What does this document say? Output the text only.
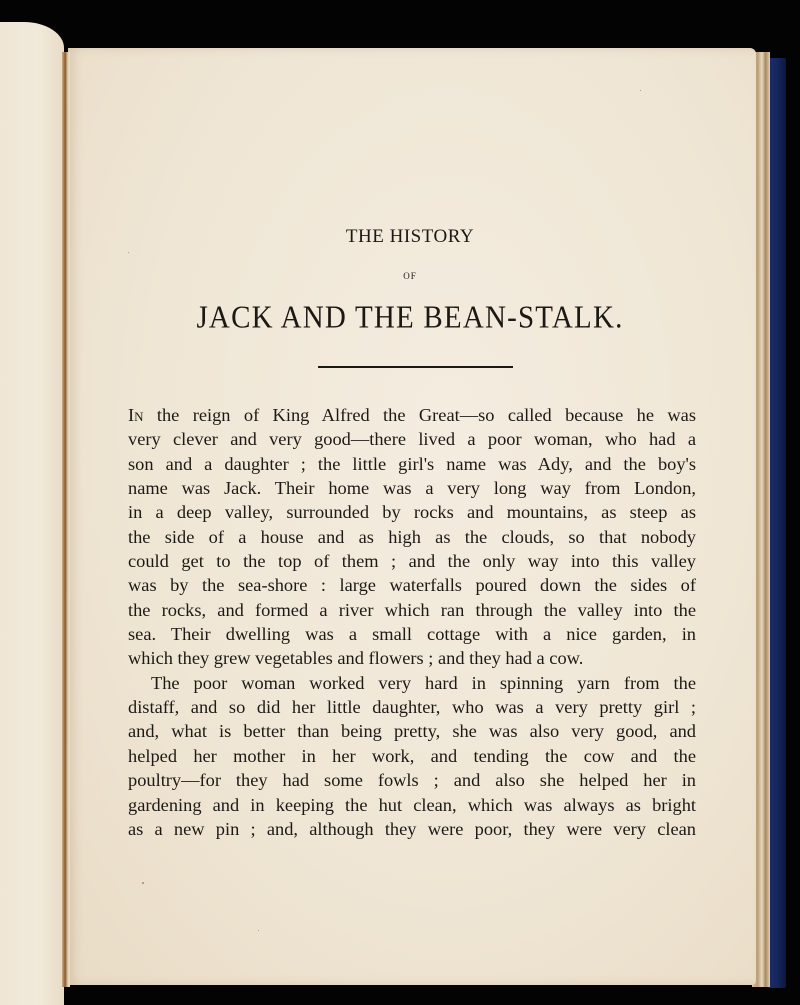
THE HISTORY
OF
JACK AND THE BEAN-STALK.
In the reign of King Alfred the Great—so called because he was
very clever and very good—there lived a poor woman, who had a
son and a daughter ; the little girl's name was Ady, and the boy's
name was Jack. Their home was a very long way from London,
in a deep valley, surrounded by rocks and mountains, as steep as
the side of a house and as high as the clouds, so that nobody
could get to the top of them ; and the only way into this valley
was by the sea-shore : large waterfalls poured down the sides of
the rocks, and formed a river which ran through the valley into the
sea. Their dwelling was a small cottage with a nice garden, in
which they grew vegetables and flowers ; and they had a cow.
The poor woman worked very hard in spinning yarn from the
distaff, and so did her little daughter, who was a very pretty girl ;
and, what is better than being pretty, she was also very good, and
helped her mother in her work, and tending the cow and the
poultry—for they had some fowls ; and also she helped her in
gardening and in keeping the hut clean, which was always as bright
as a new pin ; and, although they were poor, they were very clean
